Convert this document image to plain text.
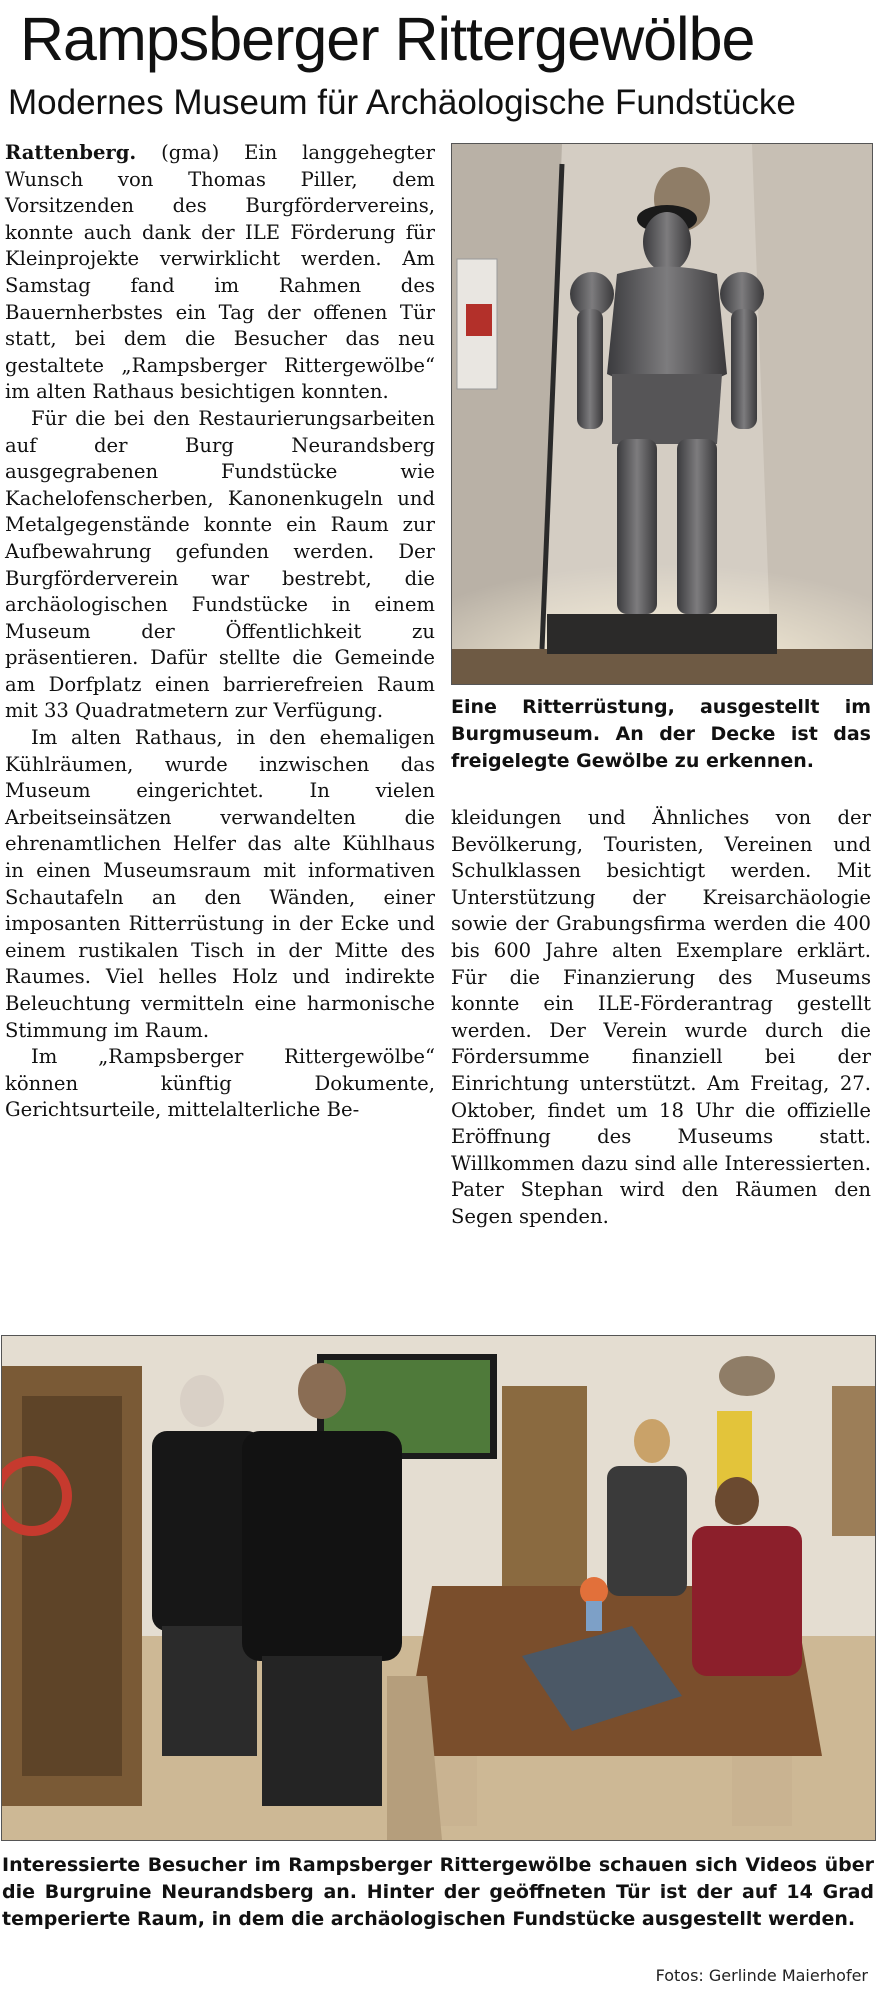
Rampsberger Rittergewölbe
Modernes Museum für Archäologische Fundstücke

Rattenberg. (gma) Ein langgehegter Wunsch von Thomas Piller, dem Vorsitzenden des Burgfördervereins, konnte auch dank der ILE Förderung für Kleinprojekte verwirklicht werden. Am Samstag fand im Rahmen des Bauernherbstes ein Tag der offenen Tür statt, bei dem die Besucher das neu gestaltete „Rampsberger Rittergewölbe“ im alten Rathaus besichtigen konnten.

Für die bei den Restaurierungsarbeiten auf der Burg Neurandsberg ausgegrabenen Fundstücke wie Kachelofenscherben, Kanonenkugeln und Metalgegenstände konnte ein Raum zur Aufbewahrung gefunden werden. Der Burgförderverein war bestrebt, die archäologischen Fundstücke in einem Museum der Öffentlichkeit zu präsentieren. Dafür stellte die Gemeinde am Dorfplatz einen barrierefreien Raum mit 33 Quadratmetern zur Verfügung.

Im alten Rathaus, in den ehemaligen Kühlräumen, wurde inzwischen das Museum eingerichtet. In vielen Arbeitseinsätzen verwandelten die ehrenamtlichen Helfer das alte Kühlhaus in einen Museumsraum mit informativen Schautafeln an den Wänden, einer imposanten Ritterrüstung in der Ecke und einem rustikalen Tisch in der Mitte des Raumes. Viel helles Holz und indirekte Beleuchtung vermitteln eine harmonische Stimmung im Raum.

Im „Rampsberger Rittergewölbe“ können künftig Dokumente, Gerichtsurteile, mittelalterliche Be-

Eine Ritterrüstung, ausgestellt im Burgmuseum. An der Decke ist das freigelegte Gewölbe zu erkennen.

kleidungen und Ähnliches von der Bevölkerung, Touristen, Vereinen und Schulklassen besichtigt werden. Mit Unterstützung der Kreisarchäologie sowie der Grabungsfirma werden die 400 bis 600 Jahre alten Exemplare erklärt. Für die Finanzierung des Museums konnte ein ILE-Förderantrag gestellt werden. Der Verein wurde durch die Fördersumme finanziell bei der Einrichtung unterstützt. Am Freitag, 27. Oktober, findet um 18 Uhr die offizielle Eröffnung des Museums statt. Willkommen dazu sind alle Interessierten. Pater Stephan wird den Räumen den Segen spenden.

Interessierte Besucher im Rampsberger Rittergewölbe schauen sich Videos über die Burgruine Neurandsberg an. Hinter der geöffneten Tür ist der auf 14 Grad temperierte Raum, in dem die archäologischen Fundstücke ausgestellt werden.
Fotos: Gerlinde Maierhofer
